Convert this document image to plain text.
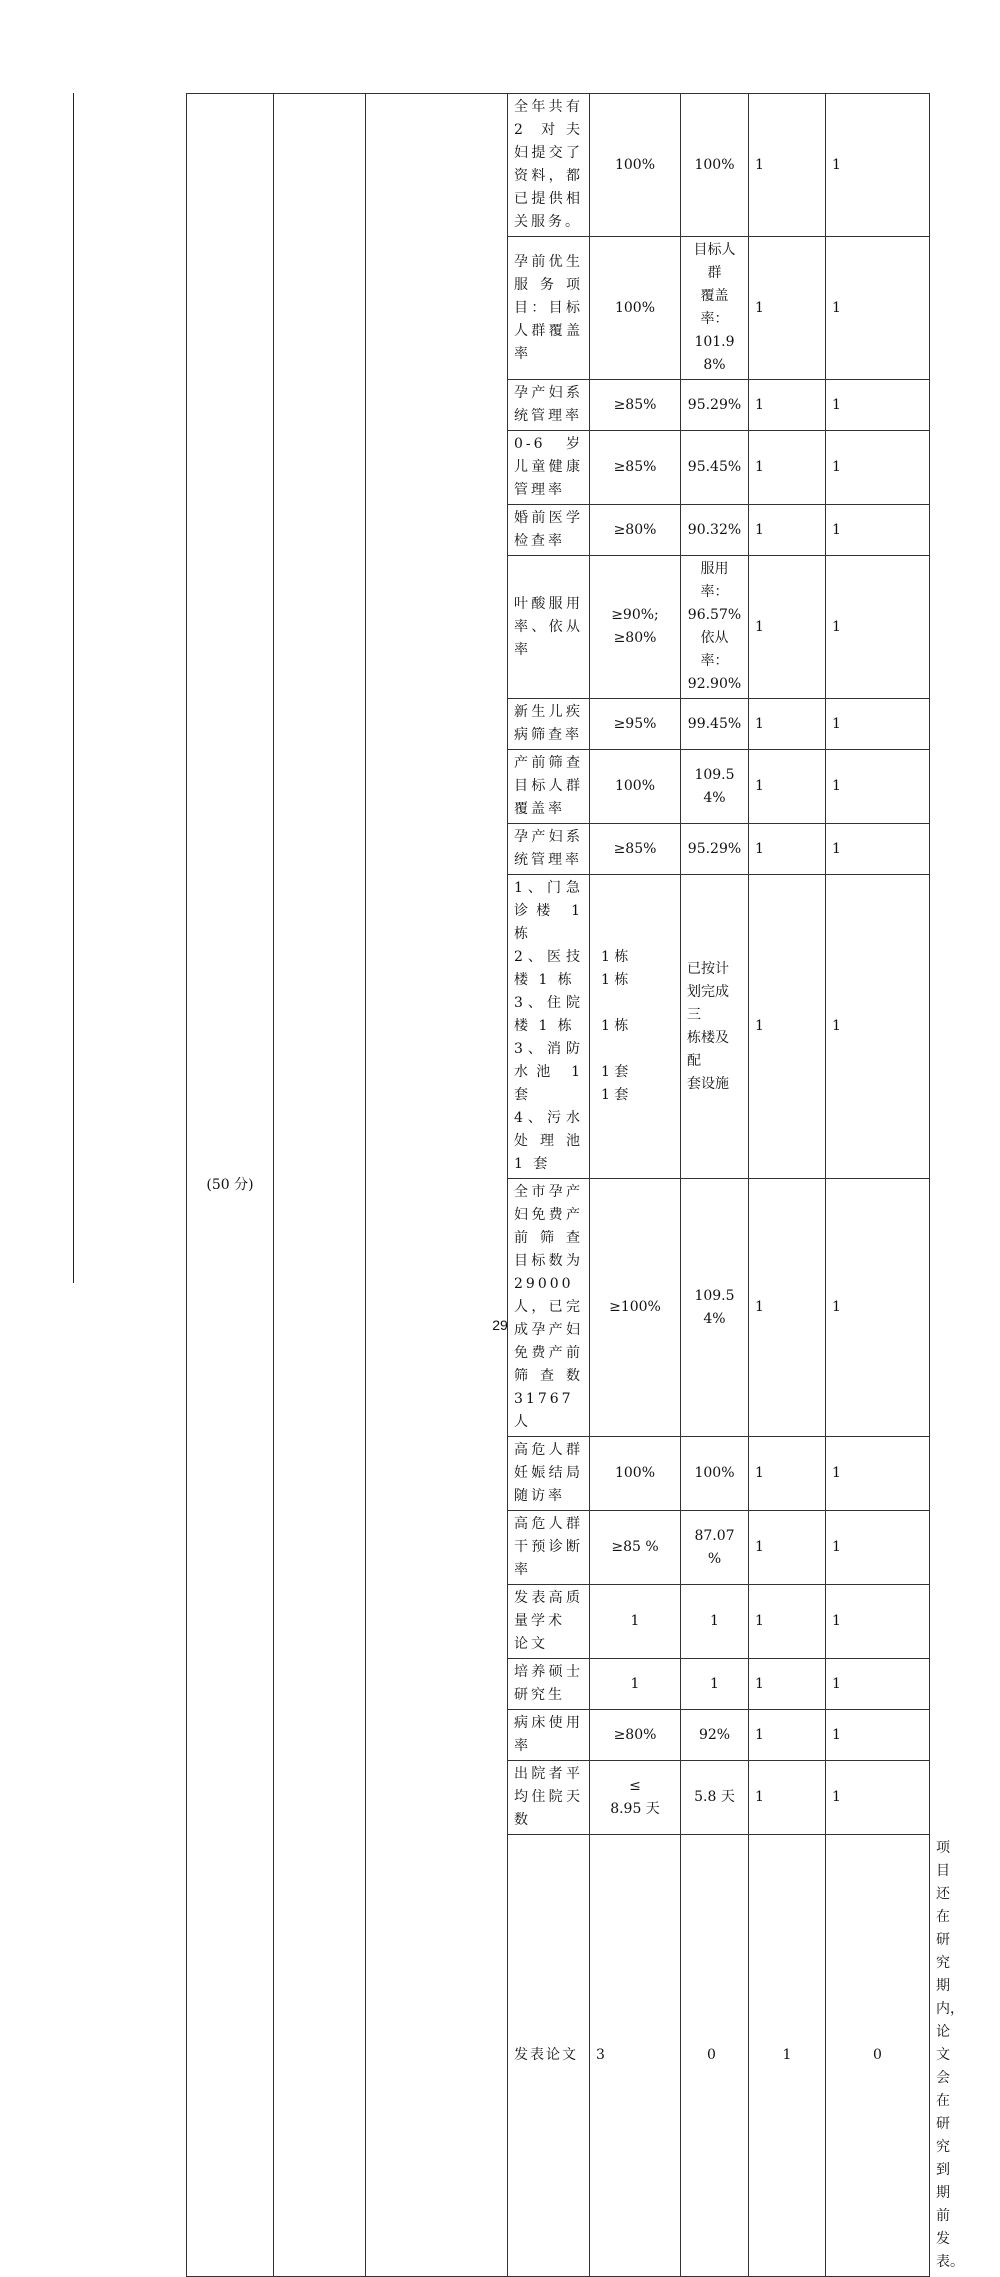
(50 分)			全年共有 2 对夫妇提交了资料，都已提供相关服务。	100%	100%	1	1	
			孕前优生服务项目：目标人群覆盖率	100%	目标人群
覆盖率：
101.98%	1	1	
			孕产妇系统管理率	≥85%	95.29%	1	1	
			0-6 岁儿童健康管理率	≥85%	95.45%	1	1	
			婚前医学检查率	≥80%	90.32%	1	1	
			叶酸服用率、依从率	≥90%;
≥80%	服用率：
96.57%
依从率：
92.90%	1	1	
			新生儿疾病筛查率	≥95%	99.45%	1	1	
			产前筛查目标人群覆盖率	100%	109.54%	1	1	
			孕产妇系统管理率	≥85%	95.29%	1	1	
			1、门急诊楼 1 栋
2、医技楼 1 栋
3、住院楼 1 栋
3、消防水池 1 套
4、污水处理池 1 套	1 栋
1 栋

1 栋

1 套
1 套	已按计
划完成三
栋楼及配
套设施	1	1	
			全市孕产妇免费产前筛查 目标数为 29000 人，已完成孕产妇免费产前筛查数 31767 人	≥100%	109.54%	1	1	
			高危人群妊娠结局随访率	100%	100%	1	1	
			高危人群干预诊断率	≥85 %	87.07 %	1	1	
			发表高质量学术
论文	1	1	1	1	
			培养硕士研究生	1	1	1	1	
			病床使用率	≥80%	92%	1	1	
			出院者平均住院天数	≤
8.95 天	5.8 天	1	1	
			发表论文	3	0	1	0	项目还在研究期内，论文会在研究到期前发表。
29
